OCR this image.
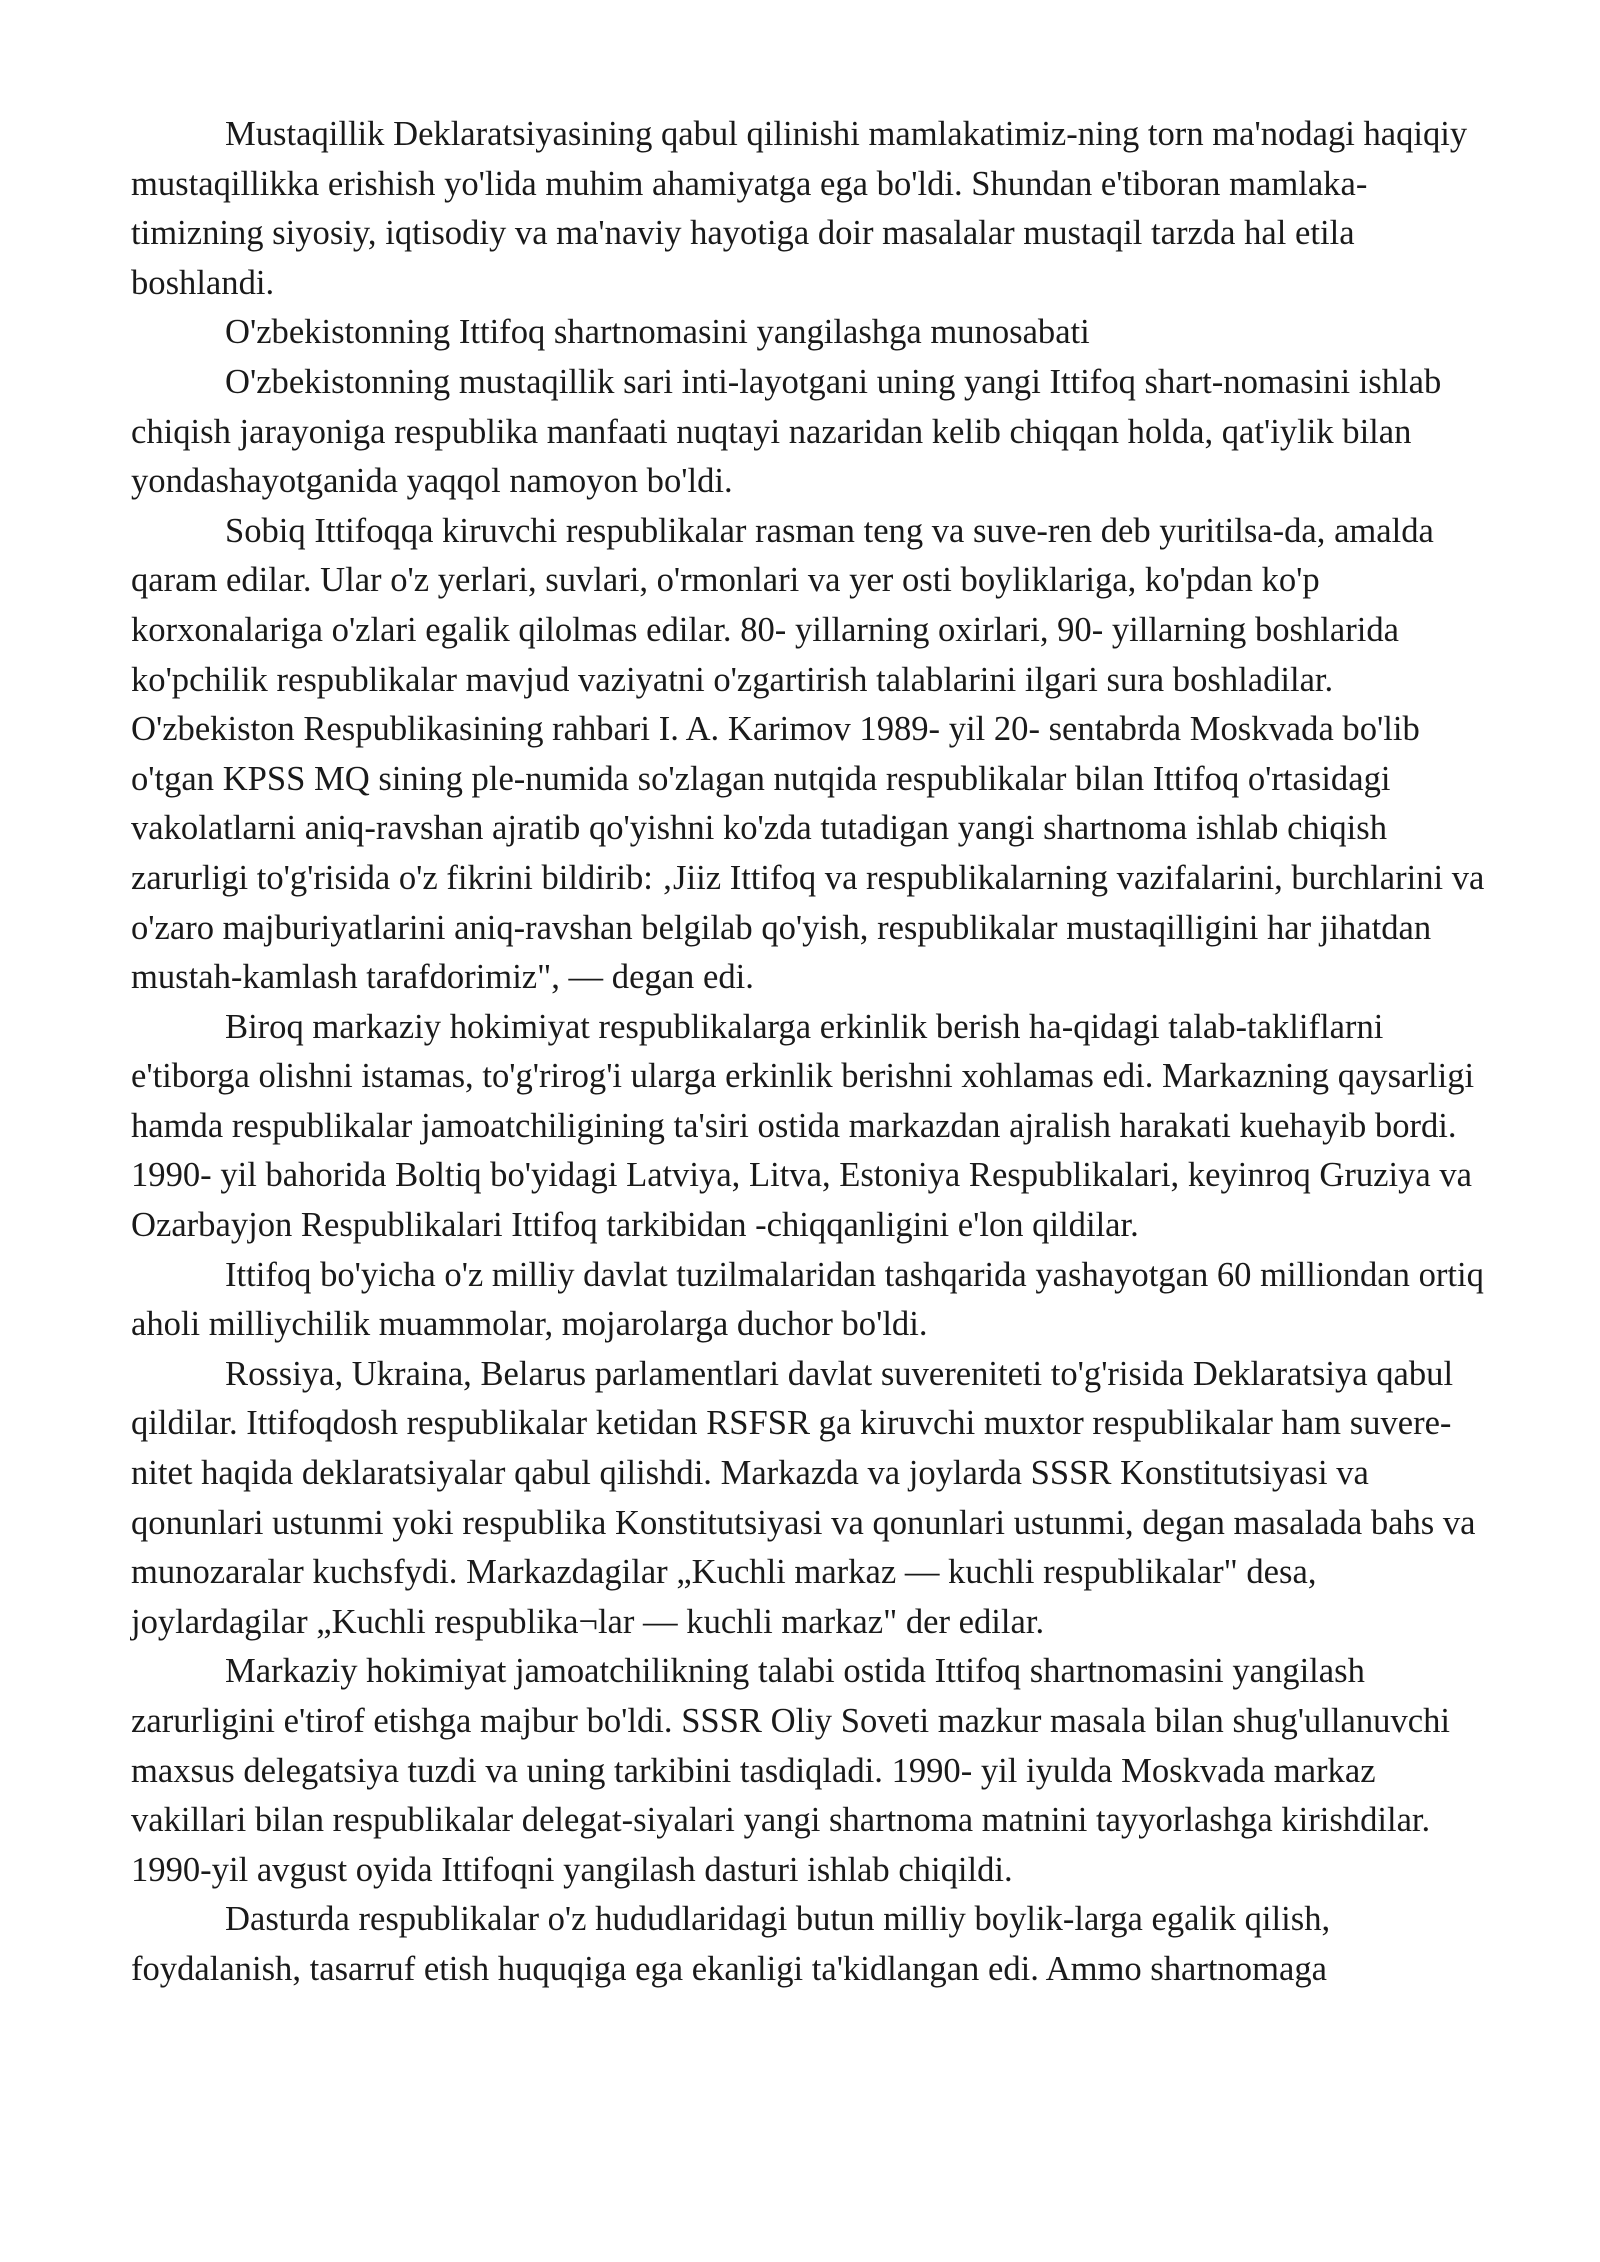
Mustaqillik Deklaratsiyasining qabul qilinishi mamlakatimiz-ning torn ma'nodagi haqiqiy mustaqillikka erishish yo'lida muhim ahamiyatga ega bo'ldi. Shundan e'tiboran mamlaka-timizning siyosiy, iqtisodiy va ma'naviy hayotiga doir masalalar mustaqil tarzda hal etila boshlandi.

O'zbekistonning Ittifoq shartnomasini yangilashga munosabati

O'zbekistonning mustaqillik sari inti-layotgani uning yangi Ittifoq shart-nomasini ishlab chiqish jarayoniga respublika manfaati nuqtayi nazaridan kelib chiqqan holda, qat'iylik bilan yondashayotganida yaqqol namoyon bo'ldi.

Sobiq Ittifoqqa kiruvchi respublikalar rasman teng va suve-ren deb yuritilsa-da, amalda qaram edilar. Ular o'z yerlari, suvlari, o'rmonlari va yer osti boyliklariga, ko'pdan ko'p korxonalariga o'zlari egalik qilolmas edilar. 80- yillarning oxirlari, 90- yillarning boshlarida ko'pchilik respublikalar mavjud vaziyatni o'zgartirish talablarini ilgari sura boshladilar. O'zbekiston Respublikasining rahbari I. A. Karimov 1989- yil 20- sentabrda Moskvada bo'lib o'tgan KPSS MQ sining ple-numida so'zlagan nutqida respublikalar bilan Ittifoq o'rtasidagi vakolatlarni aniq-ravshan ajratib qo'yishni ko'zda tutadigan yangi shartnoma ishlab chiqish zarurligi to'g'risida o'z fikrini bildirib: ‚Jiiz Ittifoq va respublikalarning vazifalarini, burchlarini va o'zaro majburiyatlarini aniq-ravshan belgilab qo'yish, respublikalar mustaqilligini har jihatdan mustah-kamlash tarafdorimiz", — degan edi.

Biroq markaziy hokimiyat respublikalarga erkinlik berish ha-qidagi talab-takliflarni e'tiborga olishni istamas, to'g'rirog'i ularga erkinlik berishni xohlamas edi. Markazning qaysarligi hamda respublikalar jamoatchiligining ta'siri ostida markazdan ajralish harakati kuehayib bordi. 1990- yil bahorida Boltiq bo'yidagi Latviya, Litva, Estoniya Respublikalari, keyinroq Gruziya va Ozarbayjon Respublikalari Ittifoq tarkibidan -chiqqanligini e'lon qildilar.

Ittifoq bo'yicha o'z milliy davlat tuzilmalaridan tashqarida yashayotgan 60 milliondan ortiq aholi milliychilik muammolar, mojarolarga duchor bo'ldi.

Rossiya, Ukraina, Belarus parlamentlari davlat suvereniteti to'g'risida Deklaratsiya qabul qildilar. Ittifoqdosh respublikalar ketidan RSFSR ga kiruvchi muxtor respublikalar ham suvere-nitet haqida deklaratsiyalar qabul qilishdi. Markazda va joylarda SSSR Konstitutsiyasi va qonunlari ustunmi yoki respublika Konstitutsiyasi va qonunlari ustunmi, degan masalada bahs va munozaralar kuchsfydi. Markazdagilar „Kuchli markaz — kuchli respublikalar" desa, joylardagilar „Kuchli respublika¬lar — kuchli markaz" der edilar.

Markaziy hokimiyat jamoatchilikning talabi ostida Ittifoq shartnomasini yangilash zarurligini e'tirof etishga majbur bo'ldi. SSSR Oliy Soveti mazkur masala bilan shug'ullanuvchi maxsus delegatsiya tuzdi va uning tarkibini tasdiqladi. 1990- yil iyulda Moskvada markaz vakillari bilan respublikalar delegat-siyalari yangi shartnoma matnini tayyorlashga kirishdilar. 1990-yil avgust oyida Ittifoqni yangilash dasturi ishlab chiqildi.

Dasturda respublikalar o'z hududlaridagi butun milliy boylik-larga egalik qilish, foydalanish, tasarruf etish huquqiga ega ekanligi ta'kidlangan edi. Ammo shartnomaga
